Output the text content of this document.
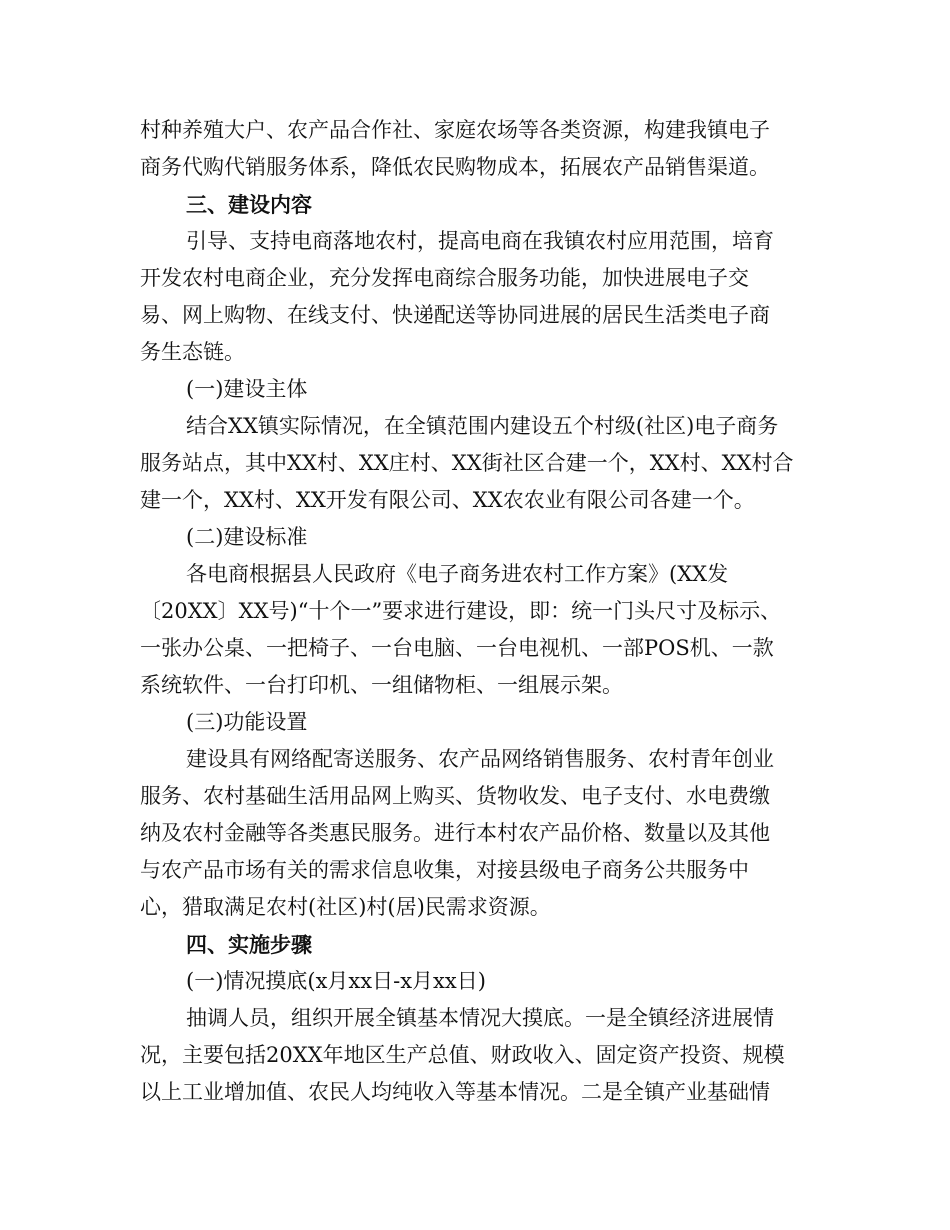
村种养殖大户、农产品合作社、家庭农场等各类资源，构建我镇电子
商务代购代销服务体系，降低农民购物成本，拓展农产品销售渠道。
三、建设内容
引导、支持电商落地农村，提高电商在我镇农村应用范围，培育
开发农村电商企业，充分发挥电商综合服务功能，加快进展电子交
易、网上购物、在线支付、快递配送等协同进展的居民生活类电子商
务生态链。
(一)建设主体
结合XX镇实际情况，在全镇范围内建设五个村级(社区)电子商务
服务站点，其中XX村、XX庄村、XX街社区合建一个，XX村、XX村合
建一个，XX村、XX开发有限公司、XX农农业有限公司各建一个。
(二)建设标准
各电商根据县人民政府《电子商务进农村工作方案》(XX发
〔20XX〕XX号)“十个一”要求进行建设，即：统一门头尺寸及标示、
一张办公桌、一把椅子、一台电脑、一台电视机、一部POS机、一款
系统软件、一台打印机、一组储物柜、一组展示架。
(三)功能设置
建设具有网络配寄送服务、农产品网络销售服务、农村青年创业
服务、农村基础生活用品网上购买、货物收发、电子支付、水电费缴
纳及农村金融等各类惠民服务。进行本村农产品价格、数量以及其他
与农产品市场有关的需求信息收集，对接县级电子商务公共服务中
心，猎取满足农村(社区)村(居)民需求资源。
四、实施步骤
(一)情况摸底(x月xx日-x月xx日)
抽调人员，组织开展全镇基本情况大摸底。一是全镇经济进展情
况，主要包括20XX年地区生产总值、财政收入、固定资产投资、规模
以上工业增加值、农民人均纯收入等基本情况。二是全镇产业基础情
